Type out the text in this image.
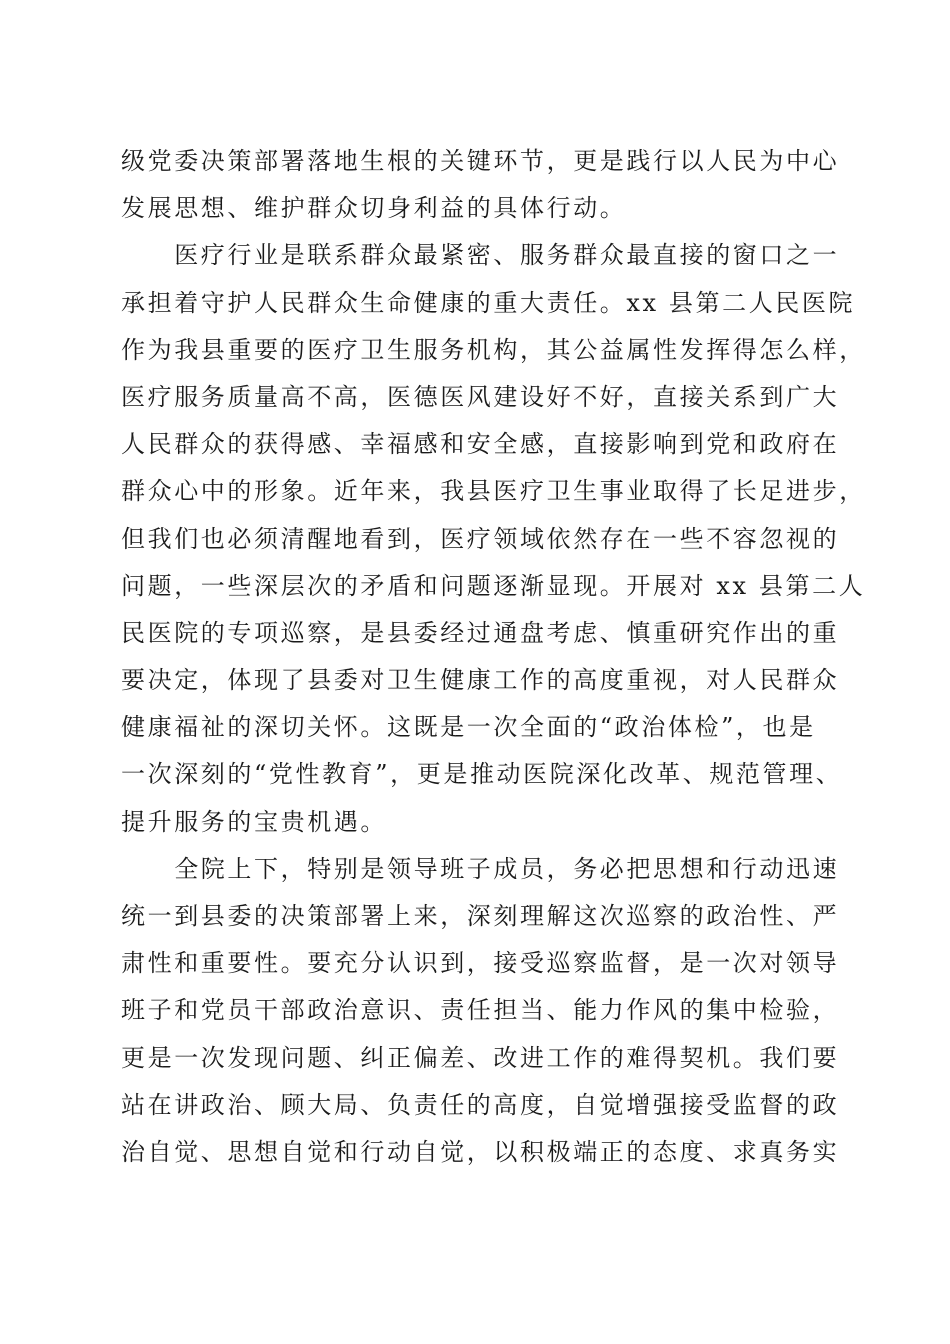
级党委决策部署落地生根的关键环节，更是践行以人民为中心
发展思想、维护群众切身利益的具体行动。
　　医疗行业是联系群众最紧密、服务群众最直接的窗口之一
承担着守护人民群众生命健康的重大责任。xx 县第二人民医院
作为我县重要的医疗卫生服务机构，其公益属性发挥得怎么样，
医疗服务质量高不高，医德医风建设好不好，直接关系到广大
人民群众的获得感、幸福感和安全感，直接影响到党和政府在
群众心中的形象。近年来，我县医疗卫生事业取得了长足进步，
但我们也必须清醒地看到，医疗领域依然存在一些不容忽视的
问题，一些深层次的矛盾和问题逐渐显现。开展对 xx 县第二人
民医院的专项巡察，是县委经过通盘考虑、慎重研究作出的重
要决定，体现了县委对卫生健康工作的高度重视，对人民群众
健康福祉的深切关怀。这既是一次全面的“政治体检”，也是
一次深刻的“党性教育”，更是推动医院深化改革、规范管理、
提升服务的宝贵机遇。
　　全院上下，特别是领导班子成员，务必把思想和行动迅速
统一到县委的决策部署上来，深刻理解这次巡察的政治性、严
肃性和重要性。要充分认识到，接受巡察监督，是一次对领导
班子和党员干部政治意识、责任担当、能力作风的集中检验，
更是一次发现问题、纠正偏差、改进工作的难得契机。我们要
站在讲政治、顾大局、负责任的高度，自觉增强接受监督的政
治自觉、思想自觉和行动自觉，以积极端正的态度、求真务实
